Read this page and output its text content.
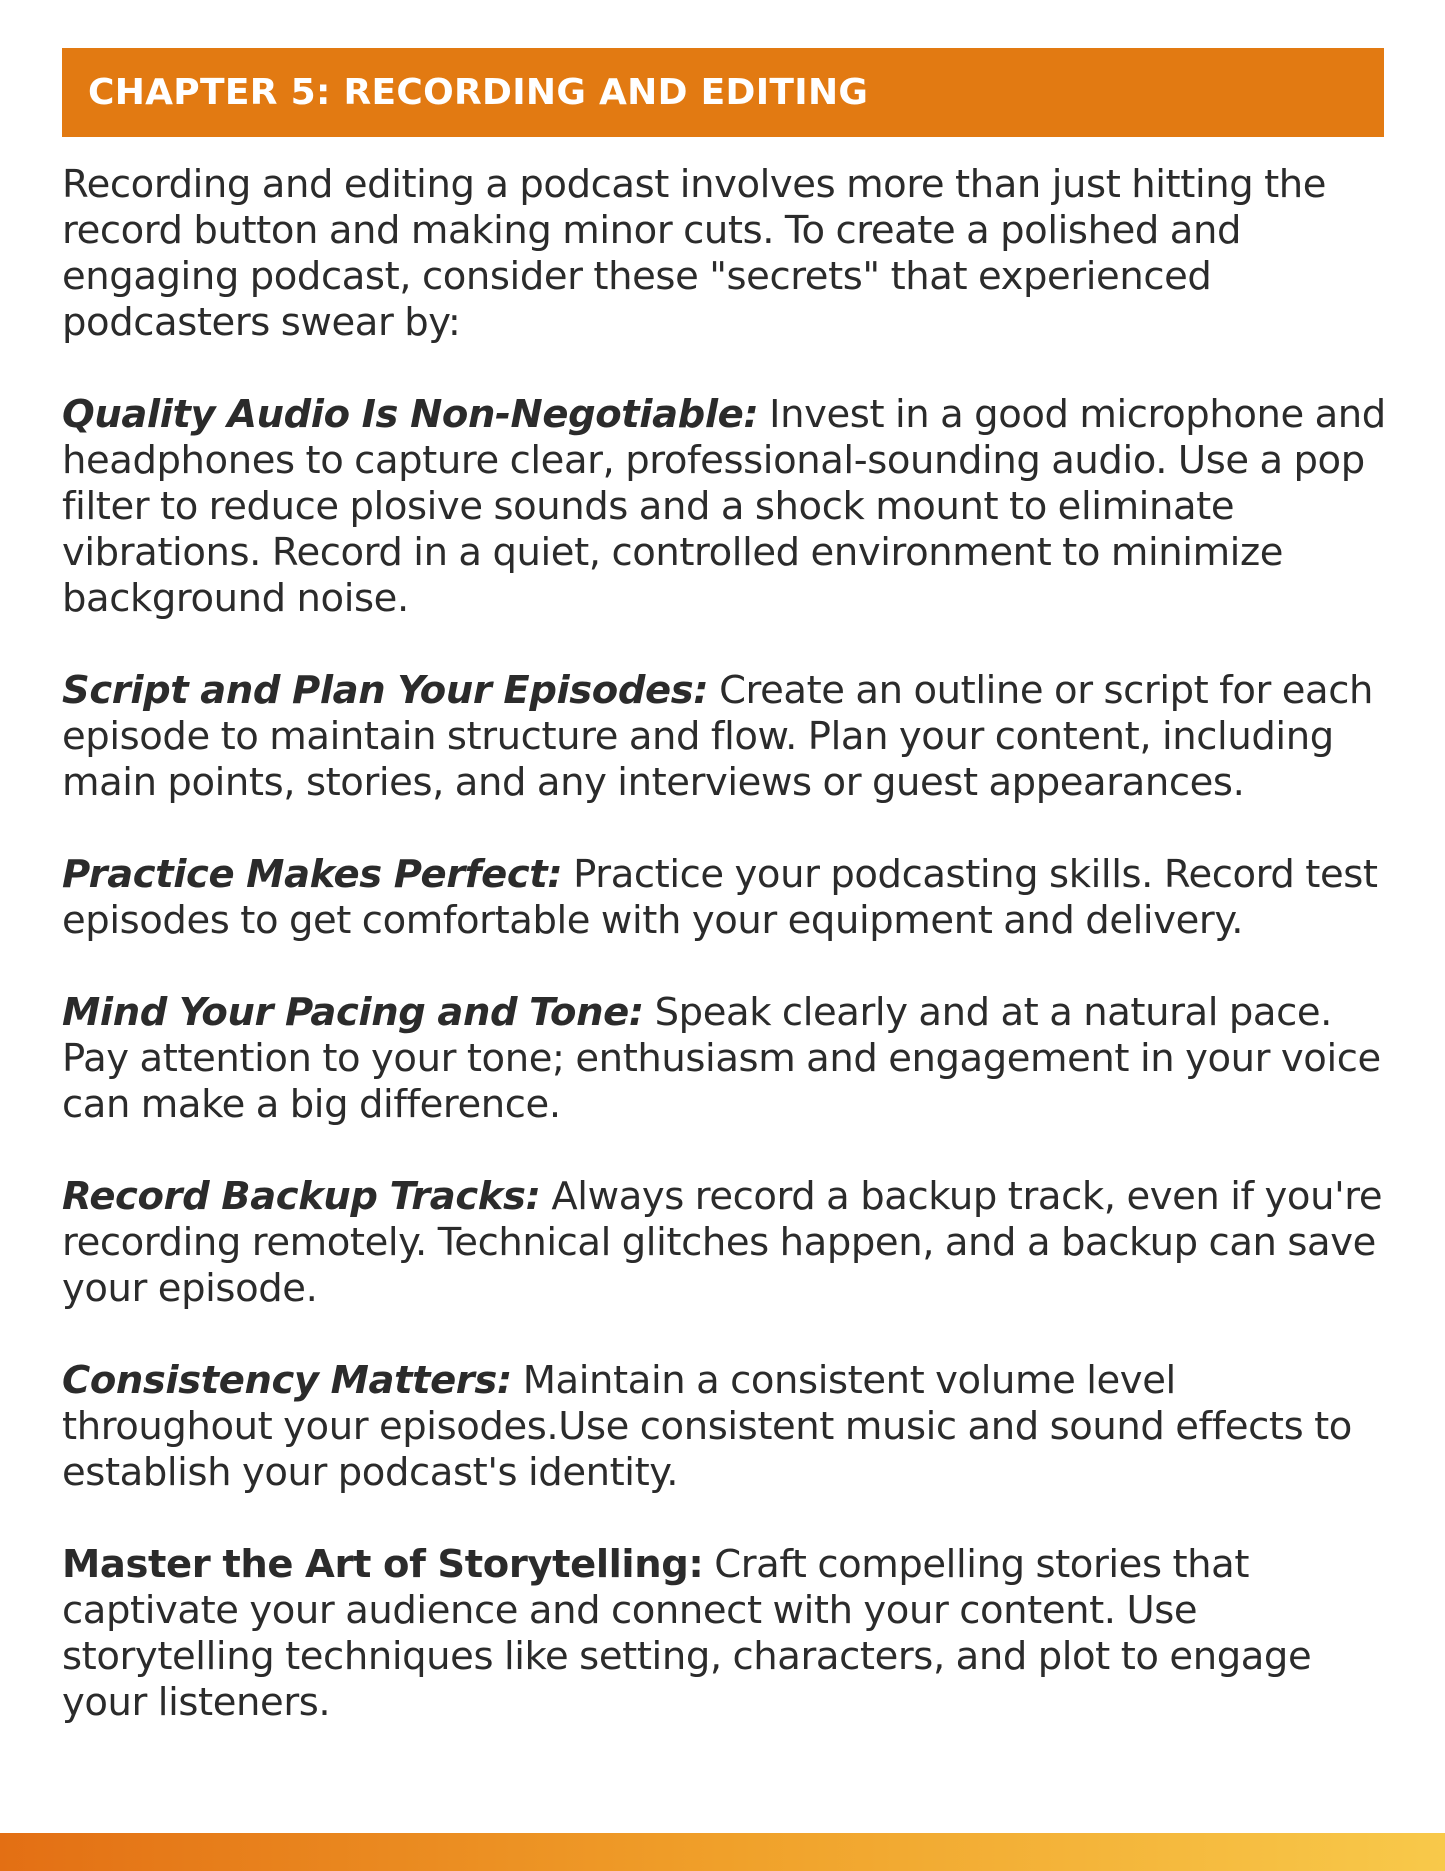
CHAPTER 5: RECORDING AND EDITING

Recording and editing a podcast involves more than just hitting the record button and making minor cuts. To create a polished and engaging podcast, consider these "secrets" that experienced podcasters swear by:

Quality Audio Is Non-Negotiable: Invest in a good microphone and headphones to capture clear, professional-sounding audio. Use a pop filter to reduce plosive sounds and a shock mount to eliminate vibrations. Record in a quiet, controlled environment to minimize background noise.

Script and Plan Your Episodes: Create an outline or script for each episode to maintain structure and flow. Plan your content, including main points, stories, and any interviews or guest appearances.

Practice Makes Perfect: Practice your podcasting skills. Record test episodes to get comfortable with your equipment and delivery.

Mind Your Pacing and Tone: Speak clearly and at a natural pace. Pay attention to your tone; enthusiasm and engagement in your voice can make a big difference.

Record Backup Tracks: Always record a backup track, even if you're recording remotely. Technical glitches happen, and a backup can save your episode.

Consistency Matters: Maintain a consistent volume level throughout your episodes.Use consistent music and sound effects to establish your podcast's identity.

Master the Art of Storytelling: Craft compelling stories that captivate your audience and connect with your content. Use storytelling techniques like setting, characters, and plot to engage your listeners.
